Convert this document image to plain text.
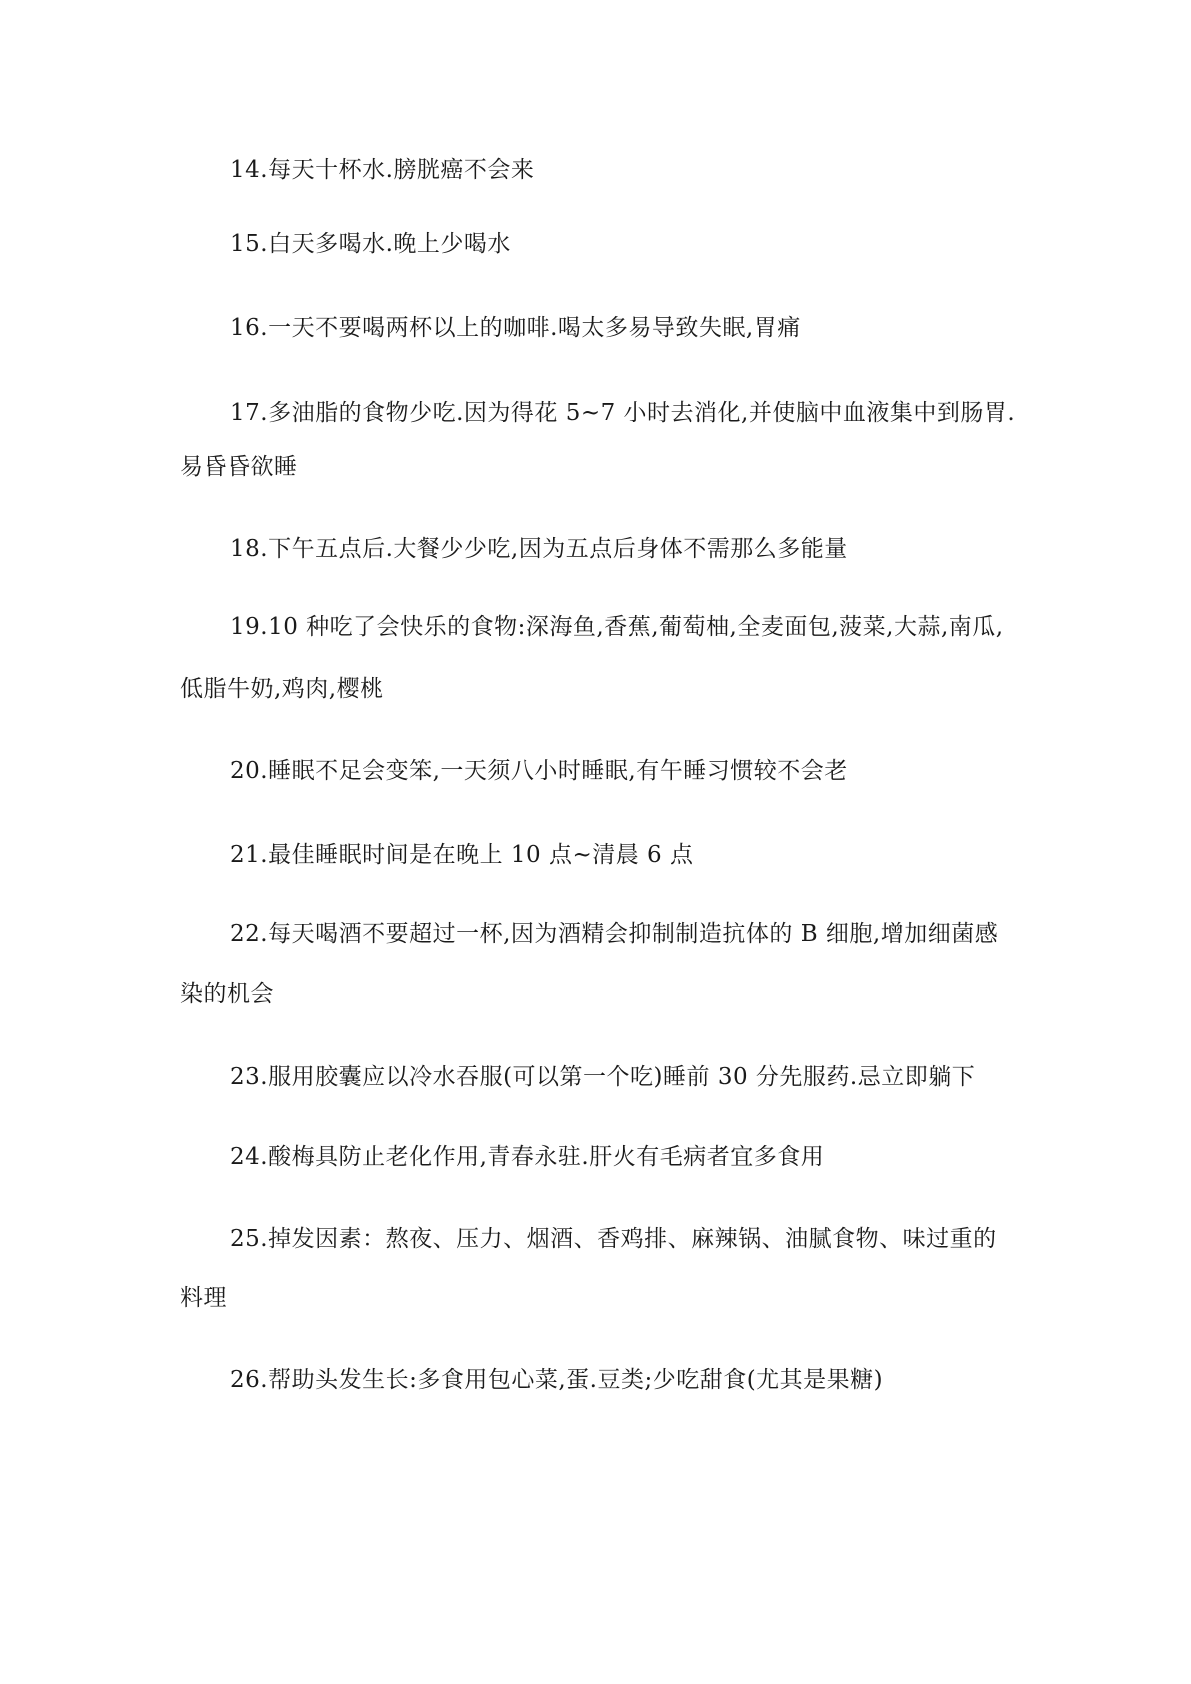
14.每天十杯水.膀胱癌不会来

15.白天多喝水.晚上少喝水

16.一天不要喝两杯以上的咖啡.喝太多易导致失眠,胃痛

17.多油脂的食物少吃.因为得花 5~7 小时去消化,并使脑中血液集中到肠胃.

易昏昏欲睡

18.下午五点后.大餐少少吃,因为五点后身体不需那么多能量

19.10 种吃了会快乐的食物:深海鱼,香蕉,葡萄柚,全麦面包,菠菜,大蒜,南瓜,

低脂牛奶,鸡肉,樱桃

20.睡眠不足会变笨,一天须八小时睡眠,有午睡习惯较不会老

21.最佳睡眠时间是在晚上 10 点~清晨 6 点

22.每天喝酒不要超过一杯,因为酒精会抑制制造抗体的 B 细胞,增加细菌感

染的机会

23.服用胶囊应以冷水吞服(可以第一个吃)睡前 30 分先服药.忌立即躺下

24.酸梅具防止老化作用,青春永驻.肝火有毛病者宜多食用

25.掉发因素：熬夜、压力、烟酒、香鸡排、麻辣锅、油腻食物、味过重的

料理

26.帮助头发生长:多食用包心菜,蛋.豆类;少吃甜食(尤其是果糖)
